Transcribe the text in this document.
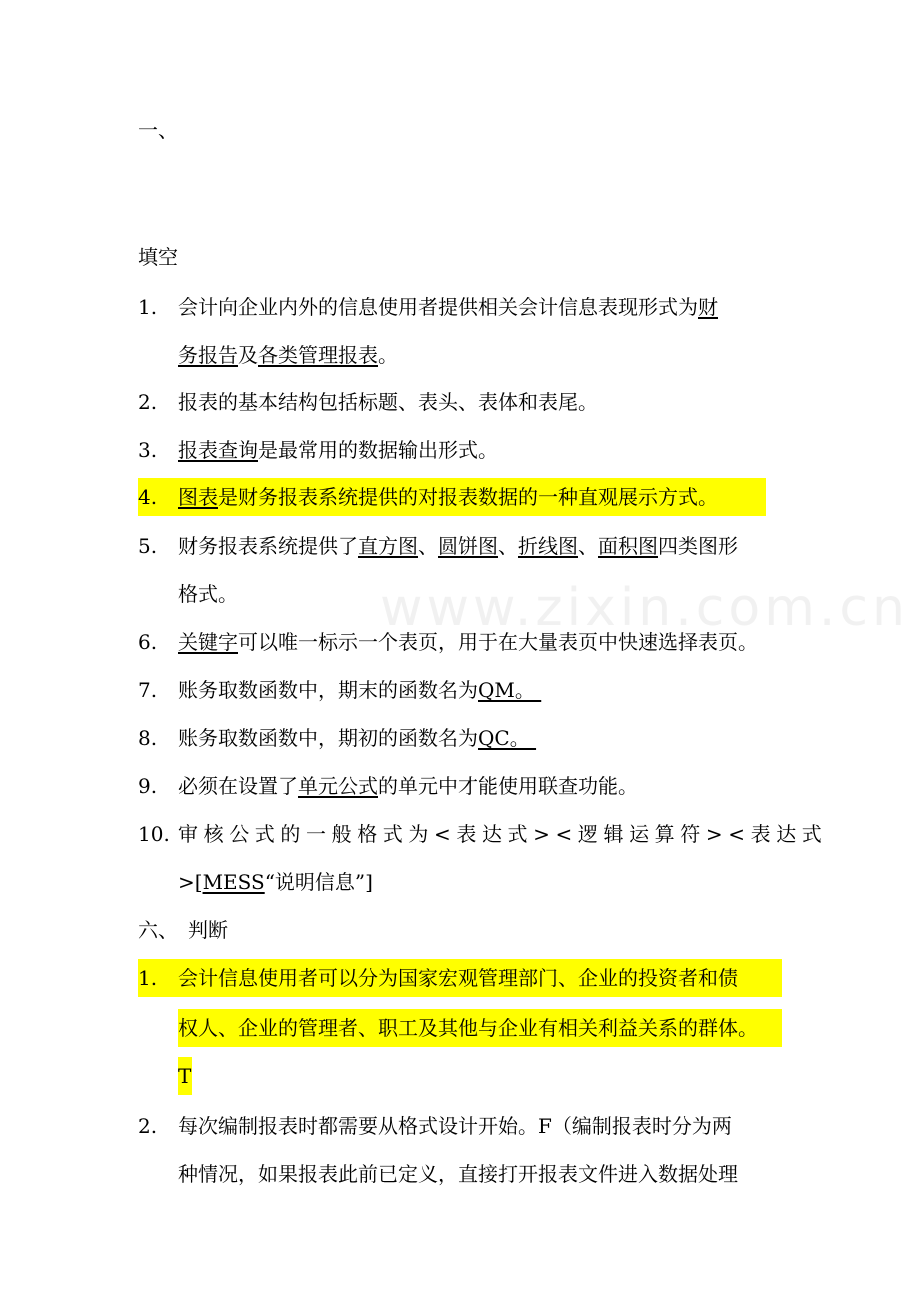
www.zixin.com.cn
一、
填空
1. 会计向企业内外的信息使用者提供相关会计信息表现形式为财
务报告及各类管理报表。
2. 报表的基本结构包括标题、表头、表体和表尾。
3. 报表查询是最常用的数据输出形式。
4. 图表是财务报表系统提供的对报表数据的一种直观展示方式。
5. 财务报表系统提供了直方图、圆饼图、折线图、面积图四类图形
格式。
6. 关键字可以唯一标示一个表页，用于在大量表页中快速选择表页。
7. 账务取数函数中，期末的函数名为QM。
8. 账务取数函数中，期初的函数名为QC。
9. 必须在设置了单元公式的单元中才能使用联查功能。
10. 审核公式的一般格式为<表达式><逻辑运算符><表达式
>[MESS“说明信息”]
六、　判断
1. 会计信息使用者可以分为国家宏观管理部门、企业的投资者和债
权人、企业的管理者、职工及其他与企业有相关利益关系的群体。
T
2. 每次编制报表时都需要从格式设计开始。F（编制报表时分为两
种情况，如果报表此前已定义，直接打开报表文件进入数据处理
